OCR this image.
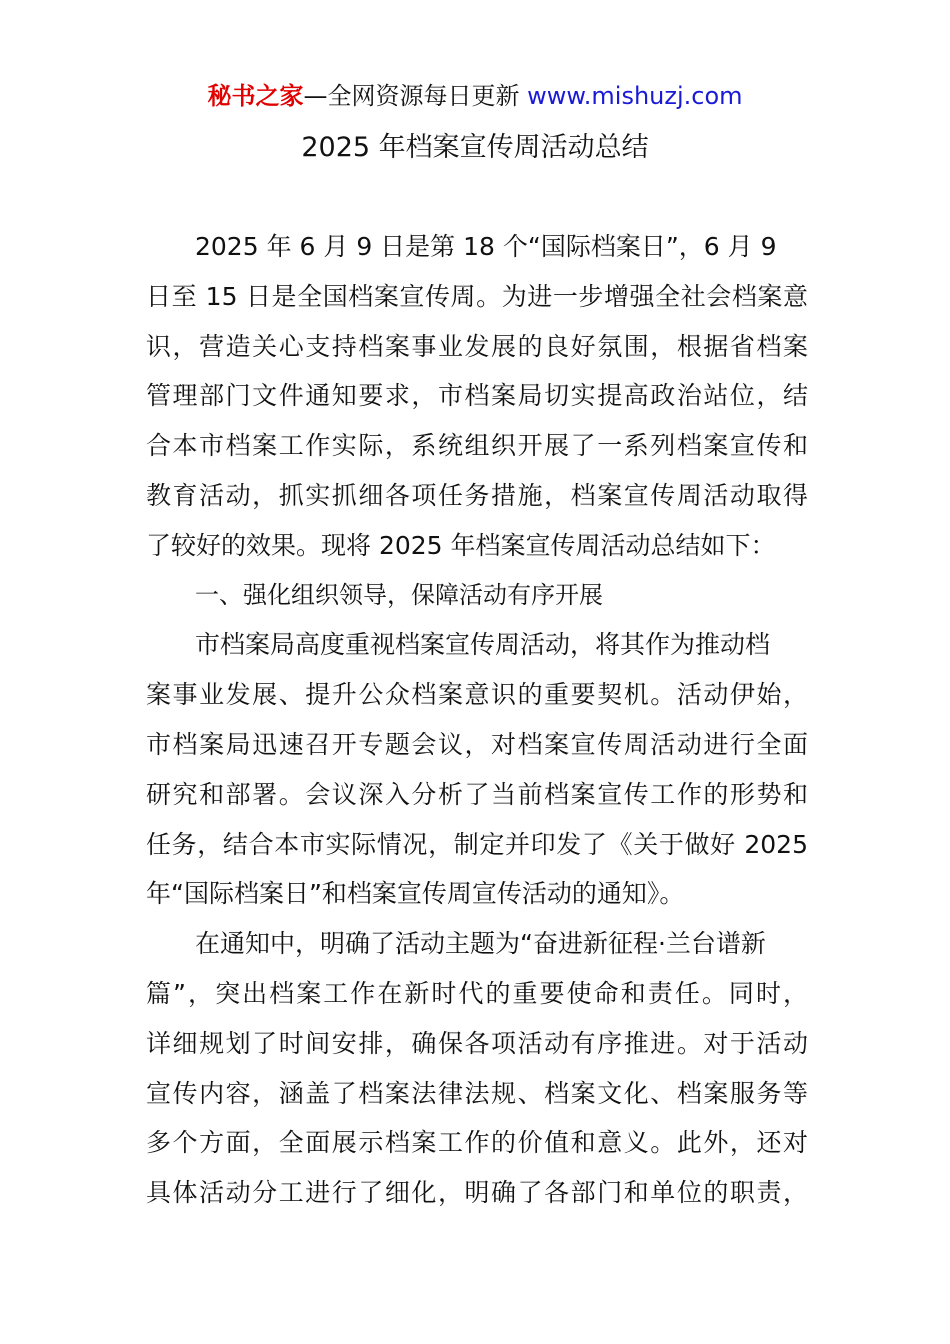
秘书之家—全网资源每日更新 www.mishuzj.com
2025 年档案宣传周活动总结
2025 年 6 月 9 日是第 18 个“国际档案日”，6 月 9
日至 15 日是全国档案宣传周。为进一步增强全社会档案意
识，营造关心支持档案事业发展的良好氛围，根据省档案
管理部门文件通知要求，市档案局切实提高政治站位，结
合本市档案工作实际，系统组织开展了一系列档案宣传和
教育活动，抓实抓细各项任务措施，档案宣传周活动取得
了较好的效果。现将 2025 年档案宣传周活动总结如下：
一、强化组织领导，保障活动有序开展
市档案局高度重视档案宣传周活动，将其作为推动档
案事业发展、提升公众档案意识的重要契机。活动伊始，
市档案局迅速召开专题会议，对档案宣传周活动进行全面
研究和部署。会议深入分析了当前档案宣传工作的形势和
任务，结合本市实际情况，制定并印发了《关于做好 2025
年“国际档案日”和档案宣传周宣传活动的通知》。
在通知中，明确了活动主题为“奋进新征程·兰台谱新
篇”，突出档案工作在新时代的重要使命和责任。同时，
详细规划了时间安排，确保各项活动有序推进。对于活动
宣传内容，涵盖了档案法律法规、档案文化、档案服务等
多个方面，全面展示档案工作的价值和意义。此外，还对
具体活动分工进行了细化，明确了各部门和单位的职责，
